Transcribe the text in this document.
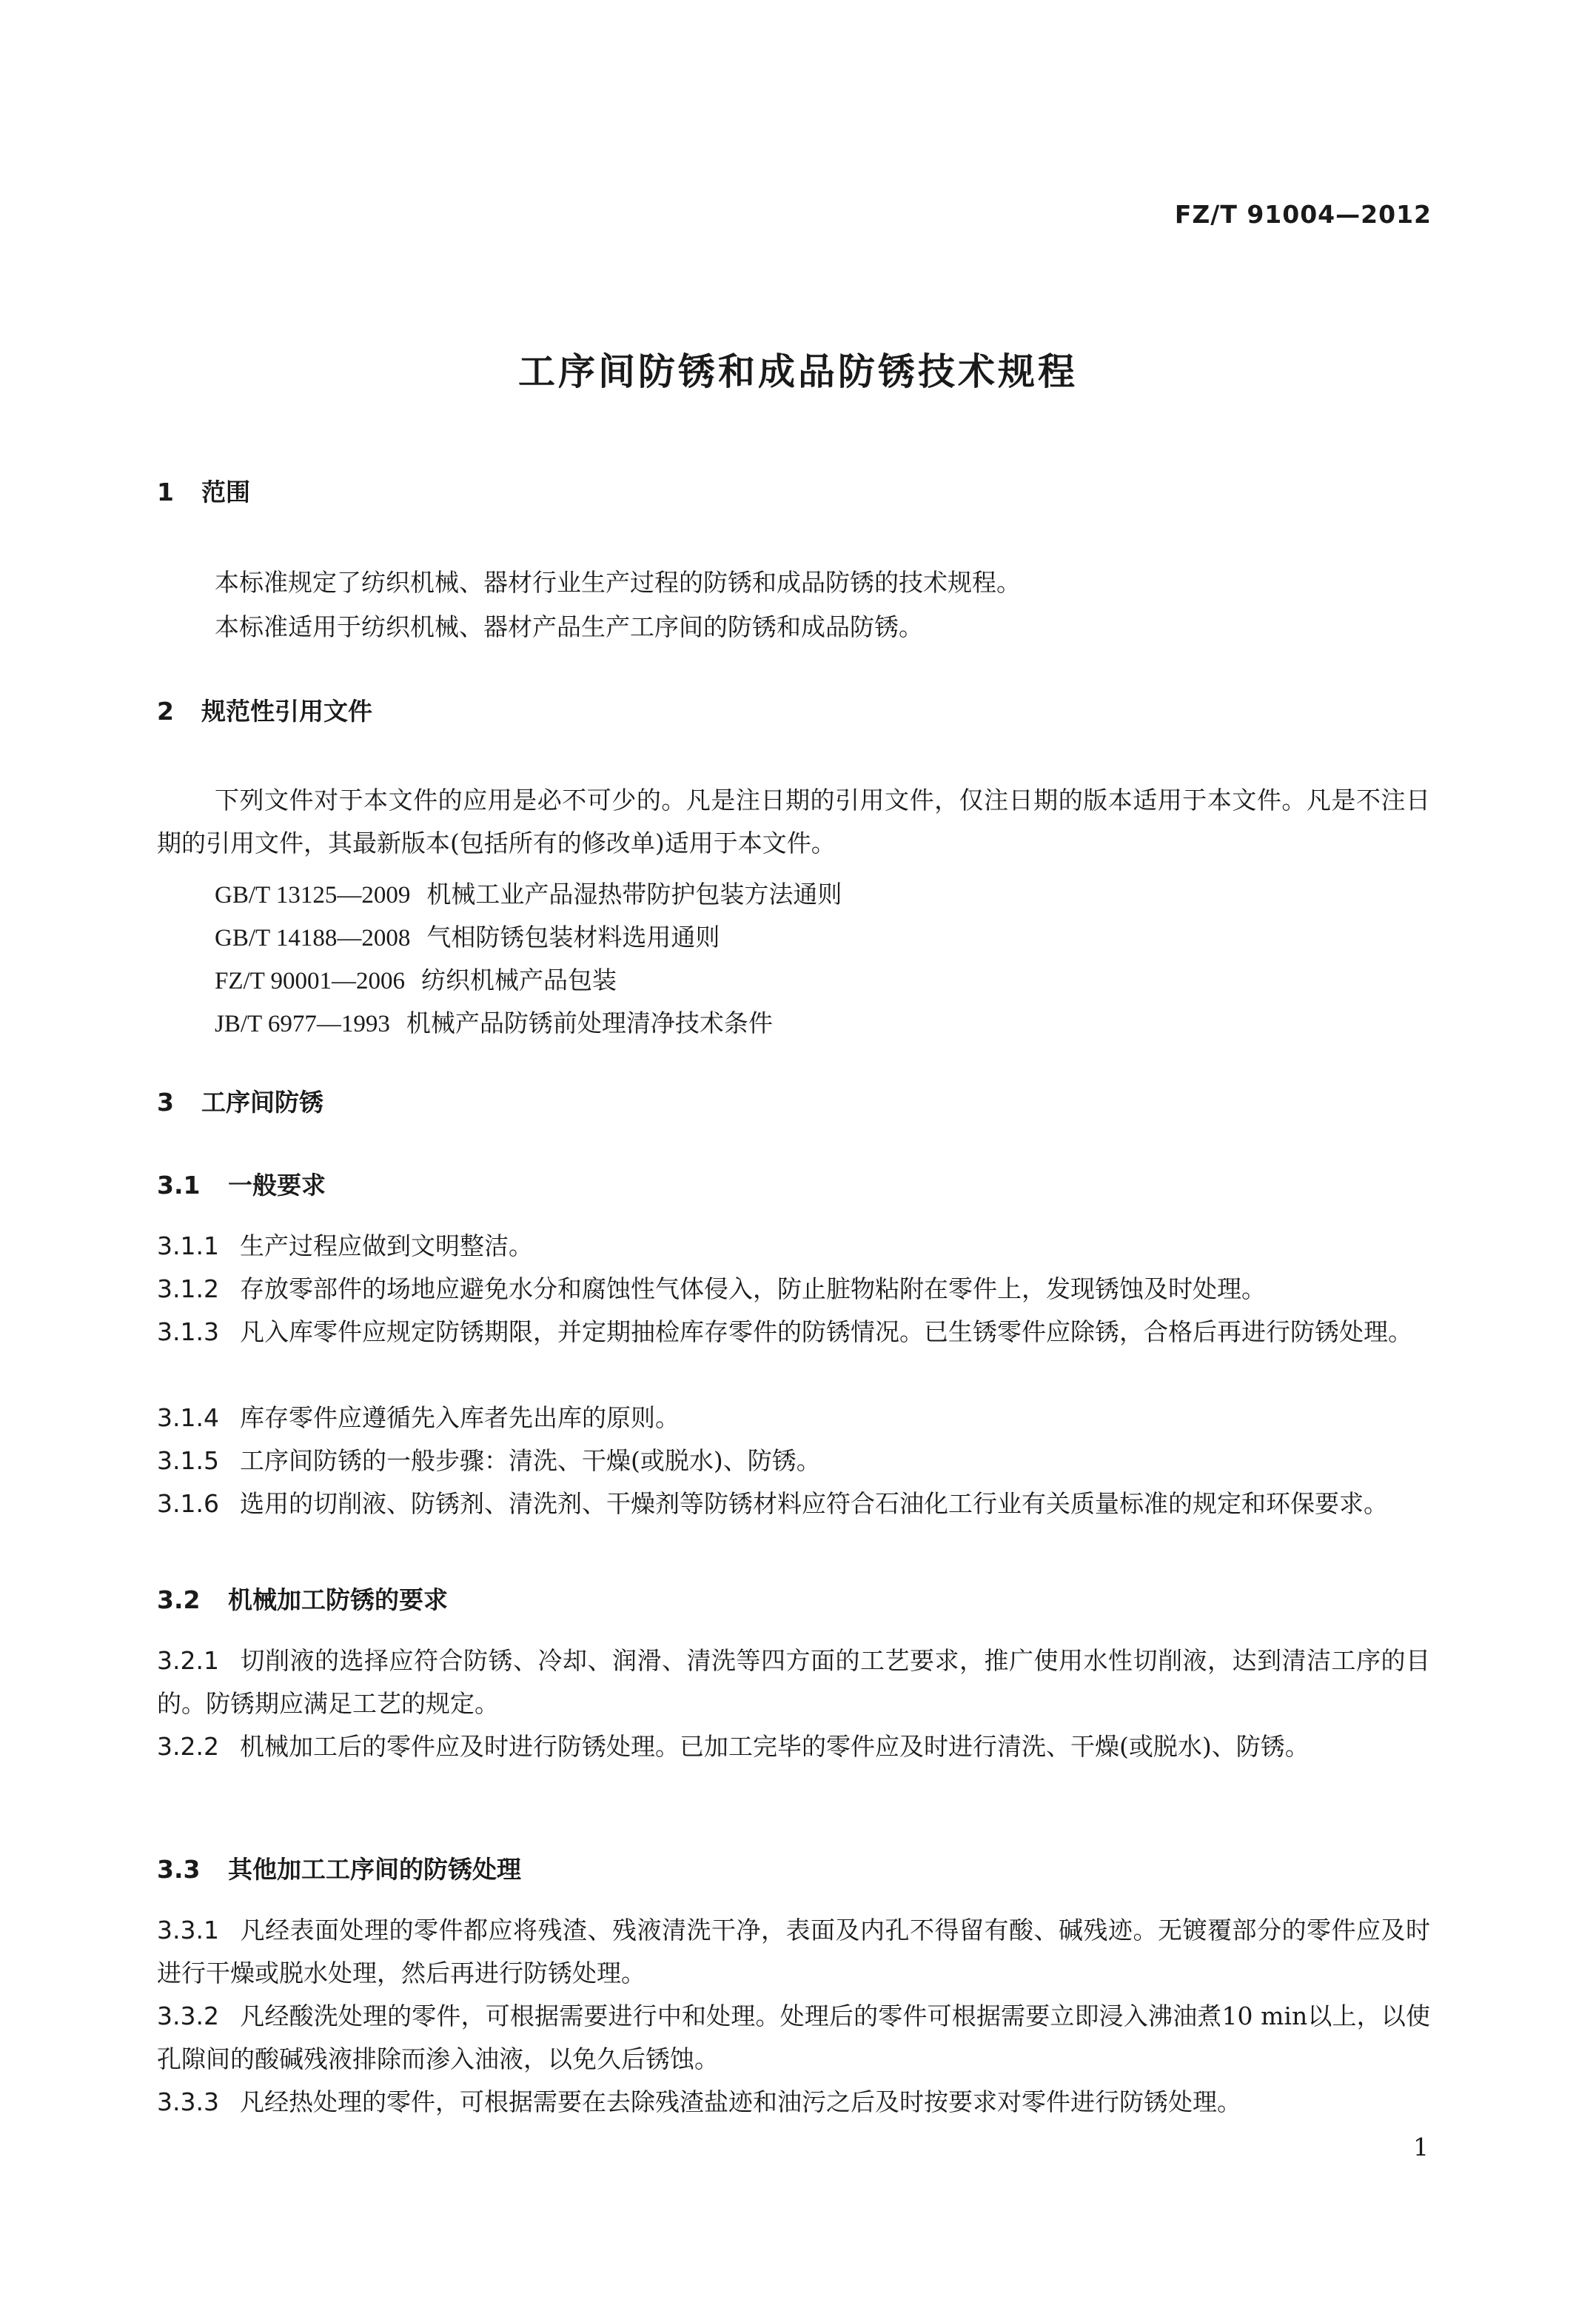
FZ/T 91004—2012
工序间防锈和成品防锈技术规程
1 范围
本标准规定了纺织机械、器材行业生产过程的防锈和成品防锈的技术规程。
本标准适用于纺织机械、器材产品生产工序间的防锈和成品防锈。
2 规范性引用文件
下列文件对于本文件的应用是必不可少的。凡是注日期的引用文件，仅注日期的版本适用于本文件。凡是不注日期的引用文件，其最新版本(包括所有的修改单)适用于本文件。
GB/T 13125—2009 机械工业产品湿热带防护包装方法通则
GB/T 14188—2008 气相防锈包装材料选用通则
FZ/T 90001—2006 纺织机械产品包装
JB/T 6977—1993 机械产品防锈前处理清净技术条件
3 工序间防锈
3.1 一般要求
3.1.1 生产过程应做到文明整洁。
3.1.2 存放零部件的场地应避免水分和腐蚀性气体侵入，防止脏物粘附在零件上，发现锈蚀及时处理。
3.1.3 凡入库零件应规定防锈期限，并定期抽检库存零件的防锈情况。已生锈零件应除锈，合格后再进行防锈处理。
3.1.4 库存零件应遵循先入库者先出库的原则。
3.1.5 工序间防锈的一般步骤：清洗、干燥(或脱水)、防锈。
3.1.6 选用的切削液、防锈剂、清洗剂、干燥剂等防锈材料应符合石油化工行业有关质量标准的规定和环保要求。
3.2 机械加工防锈的要求
3.2.1 切削液的选择应符合防锈、冷却、润滑、清洗等四方面的工艺要求，推广使用水性切削液，达到清洁工序的目的。防锈期应满足工艺的规定。
3.2.2 机械加工后的零件应及时进行防锈处理。已加工完毕的零件应及时进行清洗、干燥(或脱水)、防锈。
3.3 其他加工工序间的防锈处理
3.3.1 凡经表面处理的零件都应将残渣、残液清洗干净，表面及内孔不得留有酸、碱残迹。无镀覆部分的零件应及时进行干燥或脱水处理，然后再进行防锈处理。
3.3.2 凡经酸洗处理的零件，可根据需要进行中和处理。处理后的零件可根据需要立即浸入沸油煮10 min以上，以使孔隙间的酸碱残液排除而渗入油液，以免久后锈蚀。
3.3.3 凡经热处理的零件，可根据需要在去除残渣盐迹和油污之后及时按要求对零件进行防锈处理。
1
